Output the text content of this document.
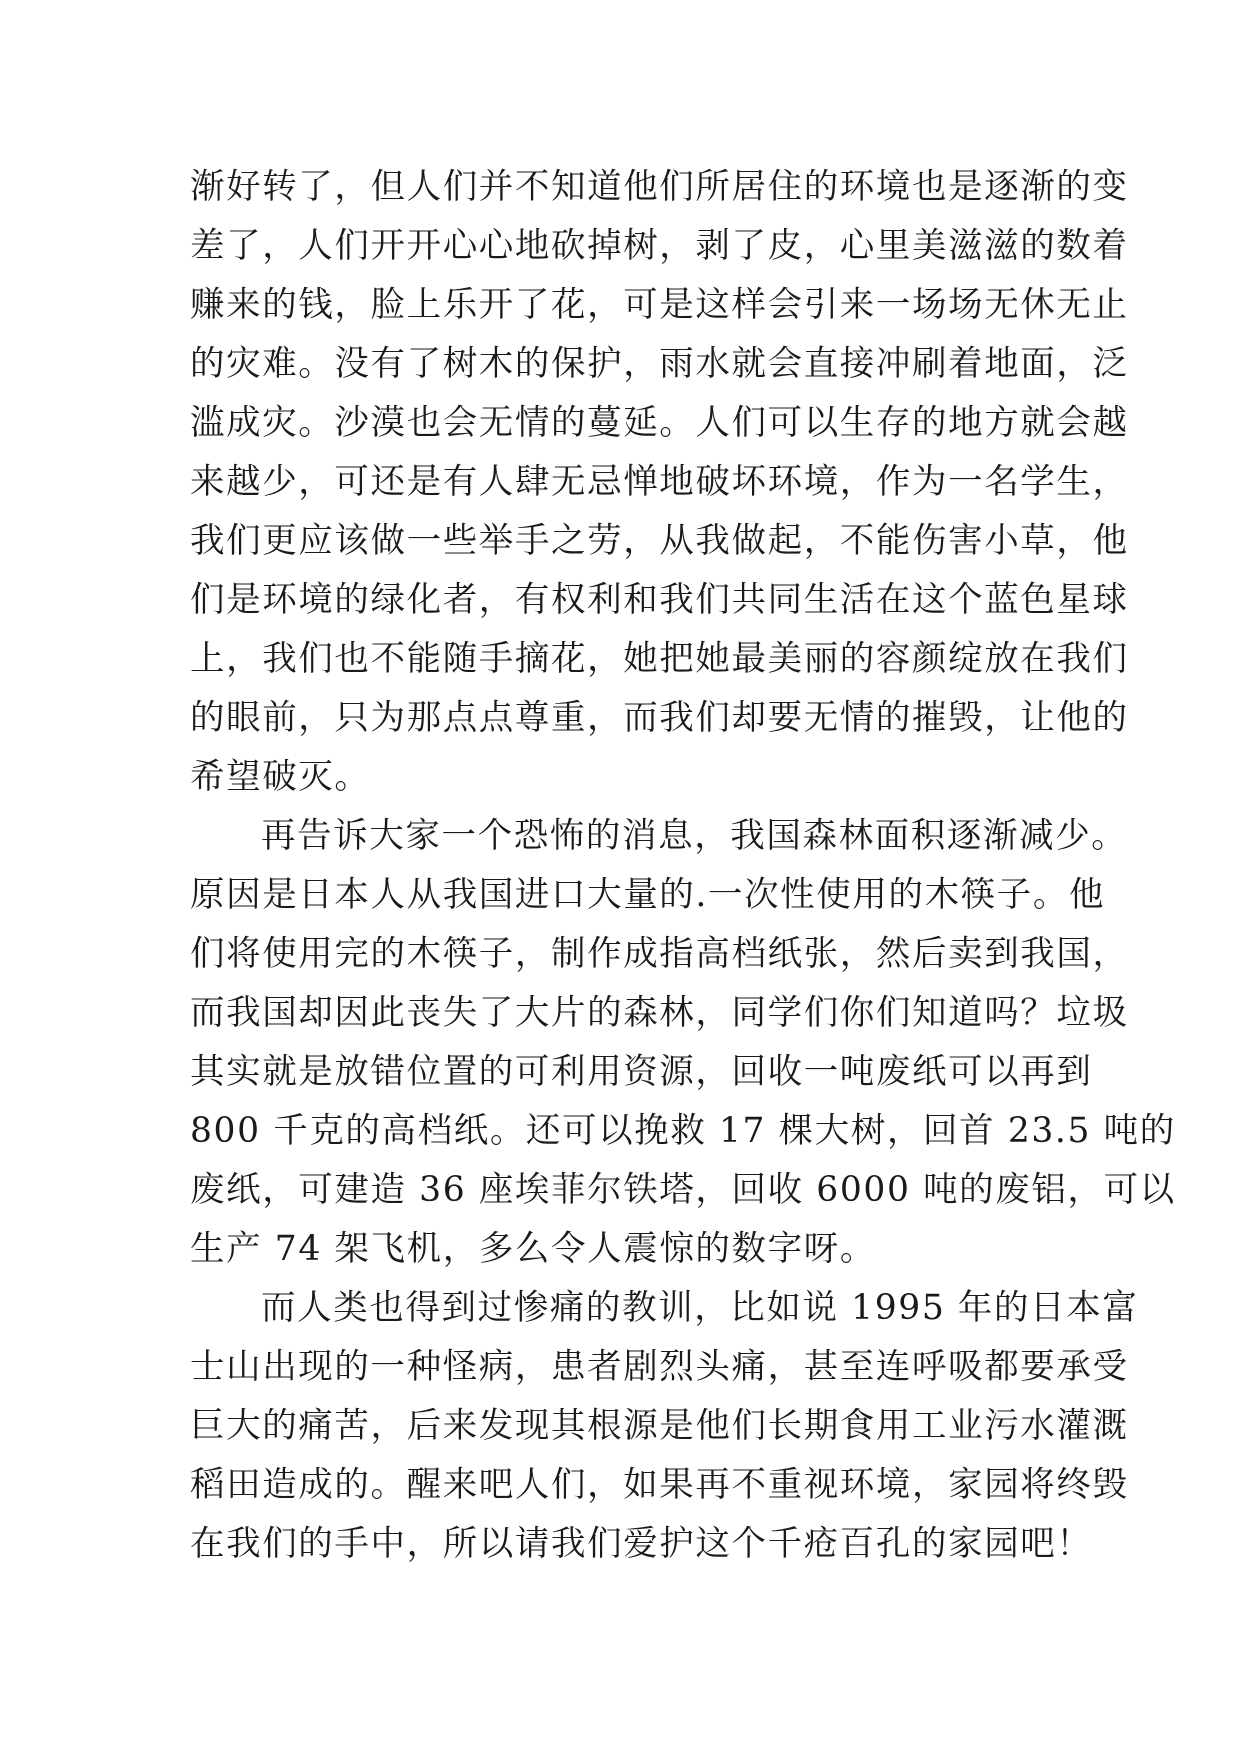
渐好转了，但人们并不知道他们所居住的环境也是逐渐的变
差了，人们开开心心地砍掉树，剥了皮，心里美滋滋的数着
赚来的钱，脸上乐开了花，可是这样会引来一场场无休无止
的灾难。没有了树木的保护，雨水就会直接冲刷着地面，泛
滥成灾。沙漠也会无情的蔓延。人们可以生存的地方就会越
来越少，可还是有人肆无忌惮地破坏环境，作为一名学生，
我们更应该做一些举手之劳，从我做起，不能伤害小草，他
们是环境的绿化者，有权利和我们共同生活在这个蓝色星球
上，我们也不能随手摘花，她把她最美丽的容颜绽放在我们
的眼前，只为那点点尊重，而我们却要无情的摧毁，让他的
希望破灭。
再告诉大家一个恐怖的消息，我国森林面积逐渐减少。
原因是日本人从我国进口大量的.一次性使用的木筷子。他
们将使用完的木筷子，制作成指高档纸张，然后卖到我国，
而我国却因此丧失了大片的森林，同学们你们知道吗？垃圾
其实就是放错位置的可利用资源，回收一吨废纸可以再到
800 千克的高档纸。还可以挽救 17 棵大树，回首 23.5 吨的
废纸，可建造 36 座埃菲尔铁塔，回收 6000 吨的废铝，可以
生产 74 架飞机，多么令人震惊的数字呀。
而人类也得到过惨痛的教训，比如说 1995 年的日本富
士山出现的一种怪病，患者剧烈头痛，甚至连呼吸都要承受
巨大的痛苦，后来发现其根源是他们长期食用工业污水灌溉
稻田造成的。醒来吧人们，如果再不重视环境，家园将终毁
在我们的手中，所以请我们爱护这个千疮百孔的家园吧！
